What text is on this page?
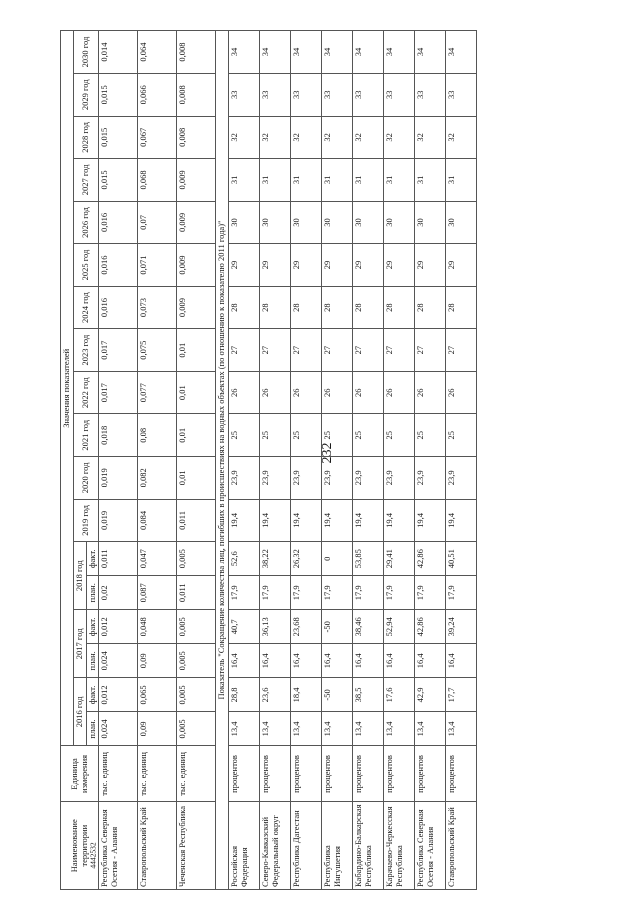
232
4442532
Наименование территории	Единица измерения	Значения показателей																	
		2016 год		2017 год		2018 год		2019 год	2020 год	2021 год	2022 год	2023 год	2024 год	2025 год	2026 год	2027 год	2028 год	2029 год	2030 год
		план.	факт.	план.	факт.	план.	факт.												
Республика Северная Осетия - Алания	тыс. единиц	0,024	0,012	0,024	0,012	0,02	0,011	0,019	0,019	0,018	0,017	0,017	0,016	0,016	0,016	0,015	0,015	0,015	0,014
Ставропольский Край	тыс. единиц	0,09	0,065	0,09	0,048	0,087	0,047	0,084	0,082	0,08	0,077	0,075	0,073	0,071	0,07	0,068	0,067	0,066	0,064
Чеченская Республика	тыс. единиц	0,005	0,005	0,005	0,005	0,011	0,005	0,011	0,01	0,01	0,01	0,01	0,009	0,009	0,009	0,009	0,008	0,008	0,008
Показатель "Сокращение количества лиц, погибших в происшествиях на водных объектах (по отношению к показателю 2011 года)"																			
Российская Федерация	процентов	13,4	28,8	16,4	40,7	17,9	52,6	19,4	23,9	25	26	27	28	29	30	31	32	33	34
Северо-Кавказский Федеральный округ	процентов	13,4	23,6	16,4	36,13	17,9	38,22	19,4	23,9	25	26	27	28	29	30	31	32	33	34
Республика Дагестан	процентов	13,4	18,4	16,4	23,68	17,9	26,32	19,4	23,9	25	26	27	28	29	30	31	32	33	34
Республика Ингушетия	процентов	13,4	-50	16,4	-50	17,9	0	19,4	23,9	25	26	27	28	29	30	31	32	33	34
Кабардино-Балкарская Республика	процентов	13,4	38,5	16,4	38,46	17,9	53,85	19,4	23,9	25	26	27	28	29	30	31	32	33	34
Карачаево-Черкесская Республика	процентов	13,4	17,6	16,4	52,94	17,9	29,41	19,4	23,9	25	26	27	28	29	30	31	32	33	34
Республика Северная Осетия - Алания	процентов	13,4	42,9	16,4	42,86	17,9	42,86	19,4	23,9	25	26	27	28	29	30	31	32	33	34
Ставропольский Край	процентов	13,4	17,7	16,4	39,24	17,9	40,51	19,4	23,9	25	26	27	28	29	30	31	32	33	34
